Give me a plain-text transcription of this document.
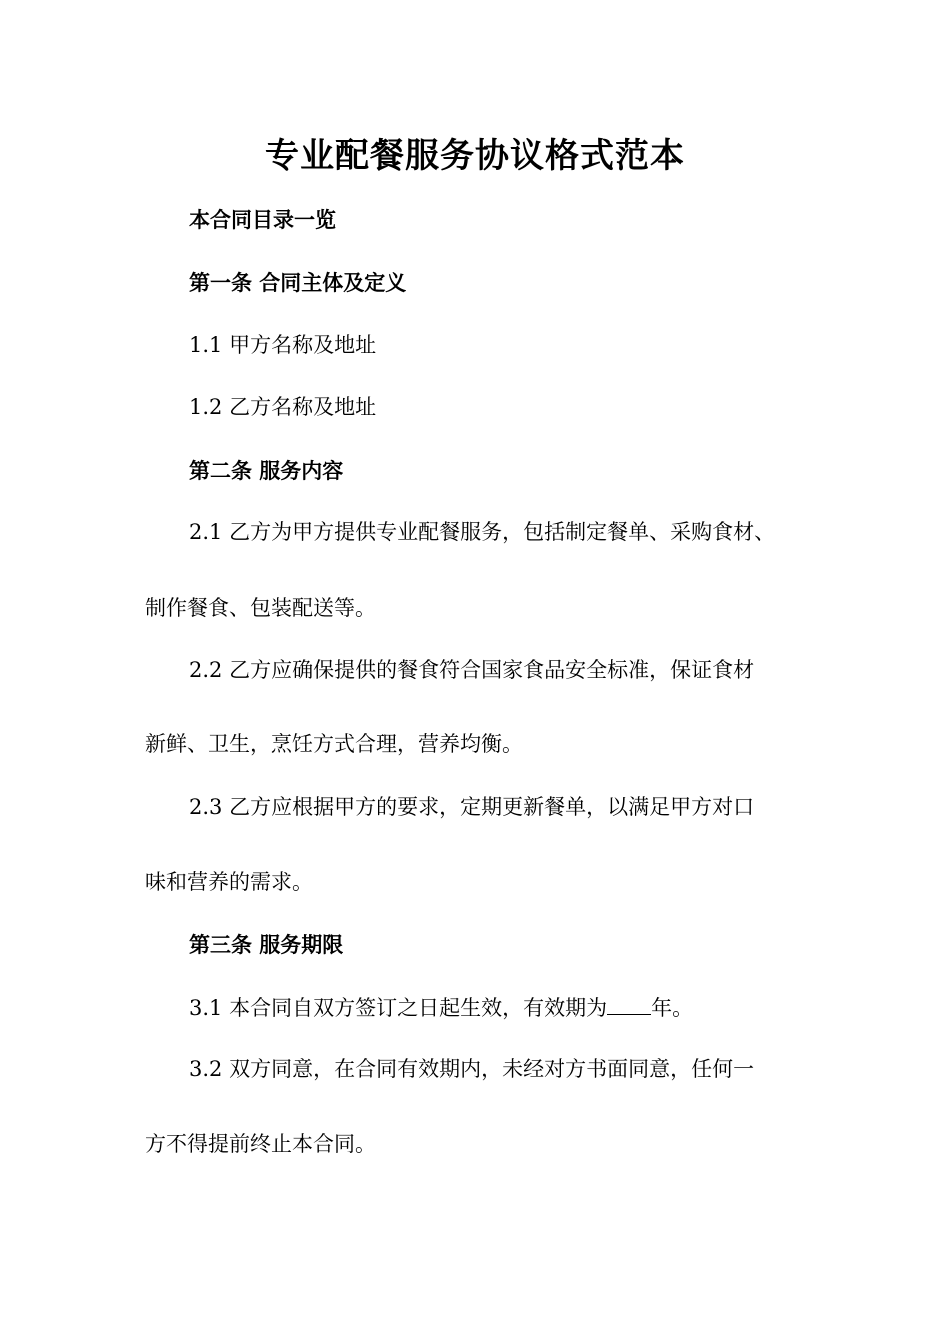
专业配餐服务协议格式范本
本合同目录一览
第一条 合同主体及定义
1.1 甲方名称及地址
1.2 乙方名称及地址
第二条 服务内容
2.1 乙方为甲方提供专业配餐服务，包括制定餐单、采购食材、
制作餐食、包装配送等。
2.2 乙方应确保提供的餐食符合国家食品安全标准，保证食材
新鲜、卫生，烹饪方式合理，营养均衡。
2.3 乙方应根据甲方的要求，定期更新餐单，以满足甲方对口
味和营养的需求。
第三条 服务期限
3.1 本合同自双方签订之日起生效，有效期为 年。
3.2 双方同意，在合同有效期内，未经对方书面同意，任何一
方不得提前终止本合同。
